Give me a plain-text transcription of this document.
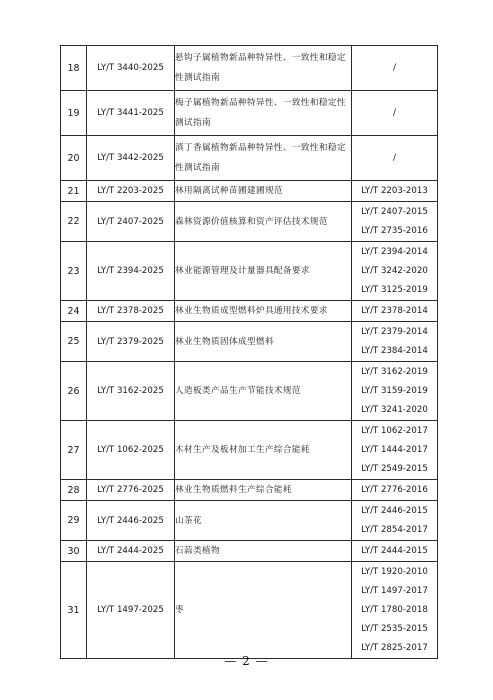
18	LY/T 3440-2025	悬钩子属植物新品种特异性、一致性和稳定性测试指南	/

19	LY/T 3441-2025	梅子属植物新品种特异性、一致性和稳定性测试指南	/

20	LY/T 3442-2025	滇丁香属植物新品种特异性、一致性和稳定性测试指南	/

21	LY/T 2203-2025	林用隔离试种苗圃建圃规范	LY/T 2203-2013

22	LY/T 2407-2025	森林资源价值核算和资产评估技术规范	LY/T 2407-2015
LY/T 2735-2016

23	LY/T 2394-2025	林业能源管理及计量器具配备要求	LY/T 2394-2014
LY/T 3242-2020
LY/T 3125-2019

24	LY/T 2378-2025	林业生物质成型燃料炉具通用技术要求	LY/T 2378-2014

25	LY/T 2379-2025	林业生物质固体成型燃料	LY/T 2379-2014
LY/T 2384-2014

26	LY/T 3162-2025	人造板类产品生产节能技术规范	LY/T 3162-2019
LY/T 3159-2019
LY/T 3241-2020

27	LY/T 1062-2025	木材生产及板材加工生产综合能耗	LY/T 1062-2017
LY/T 1444-2017
LY/T 2549-2015

28	LY/T 2776-2025	林业生物质燃料生产综合能耗	LY/T 2776-2016

29	LY/T 2446-2025	山茶花	LY/T 2446-2015
LY/T 2854-2017

30	LY/T 2444-2025	石蒜类植物	LY/T 2444-2015

31	LY/T 1497-2025	枣	LY/T 1920-2010
LY/T 1497-2017
LY/T 1780-2018
LY/T 2535-2015
LY/T 2825-2017
— 2 —
